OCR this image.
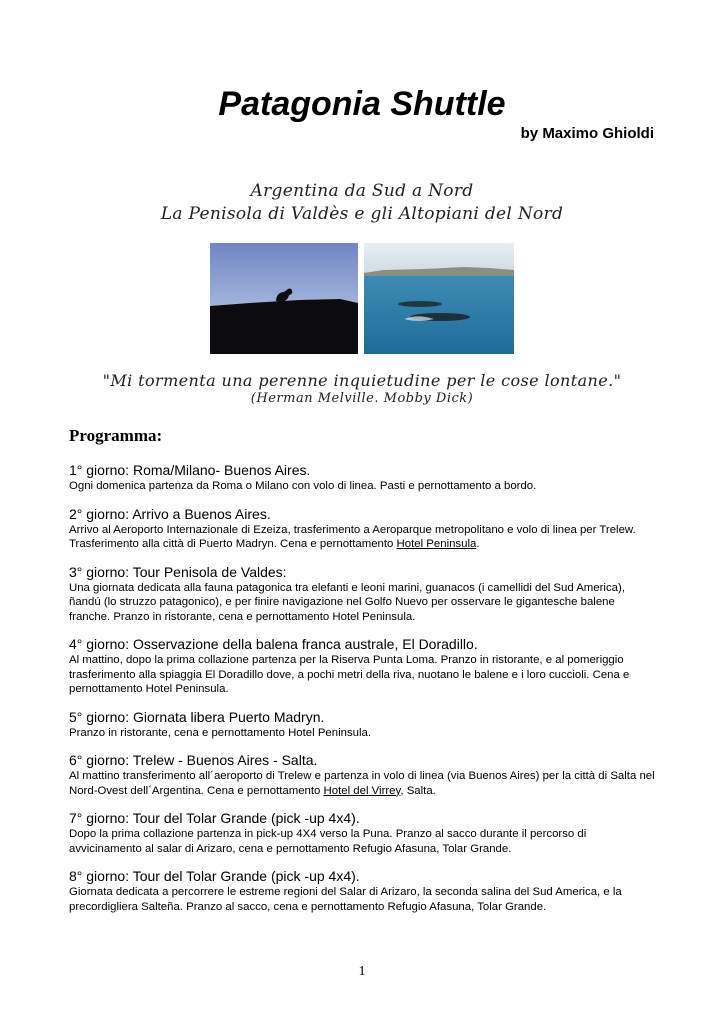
Patagonia Shuttle
by Maximo Ghioldi
Argentina da Sud a Nord
La Penisola di Valdès e gli Altopiani del Nord
"Mi tormenta una perenne inquietudine per le cose lontane."
(Herman Melville. Mobby Dick)
Programma:
1° giorno: Roma/Milano- Buenos Aires.
Ogni domenica partenza da Roma o Milano con volo di linea. Pasti e pernottamento a bordo.
2° giorno: Arrivo a Buenos Aires.
Arrivo al Aeroporto Internazionale di Ezeiza, trasferimento a Aeroparque metropolitano e volo di linea per Trelew. Trasferimento alla città di Puerto Madryn. Cena e pernottamento Hotel Peninsula.
3° giorno: Tour Penisola de Valdes:
Una giornata dedicata alla fauna patagonica tra elefanti e leoni marini, guanacos (i camellidi del Sud America), ñandú (lo struzzo patagonico), e per finire navigazione nel Golfo Nuevo per osservare le gigantesche balene franche. Pranzo in ristorante, cena e pernottamento Hotel Peninsula.
4° giorno: Osservazione della balena franca australe, El Doradillo.
Al mattino, dopo la prima collazione partenza per la Riserva Punta Loma. Pranzo in ristorante, e al pomeriggio trasferimento alla spiaggia El Doradillo dove, a pochi metri della riva, nuotano le balene e i loro cuccioli. Cena e pernottamento Hotel Peninsula.
5° giorno: Giornata libera Puerto Madryn.
Pranzo in ristorante, cena e pernottamento Hotel Peninsula.
6° giorno: Trelew - Buenos Aires - Salta.
Al mattino transferimento all´aeroporto di Trelew e partenza in volo di linea (via Buenos Aires) per la città di Salta nel Nord-Ovest dell´Argentina. Cena e pernottamento Hotel del Virrey, Salta.
7° giorno: Tour del Tolar Grande (pick -up 4x4).
Dopo la prima collazione partenza in pick-up 4X4 verso la Puna. Pranzo al sacco durante il percorso di avvicinamento al salar di Arizaro, cena e pernottamento Refugio Afasuna, Tolar Grande.
8° giorno: Tour del Tolar Grande (pick -up 4x4).
Giornata dedicata a percorrere le estreme regioni del Salar di Arizaro, la seconda salina del Sud America, e la precordigliera Salteña. Pranzo al sacco, cena e pernottamento Refugio Afasuna, Tolar Grande.
1
